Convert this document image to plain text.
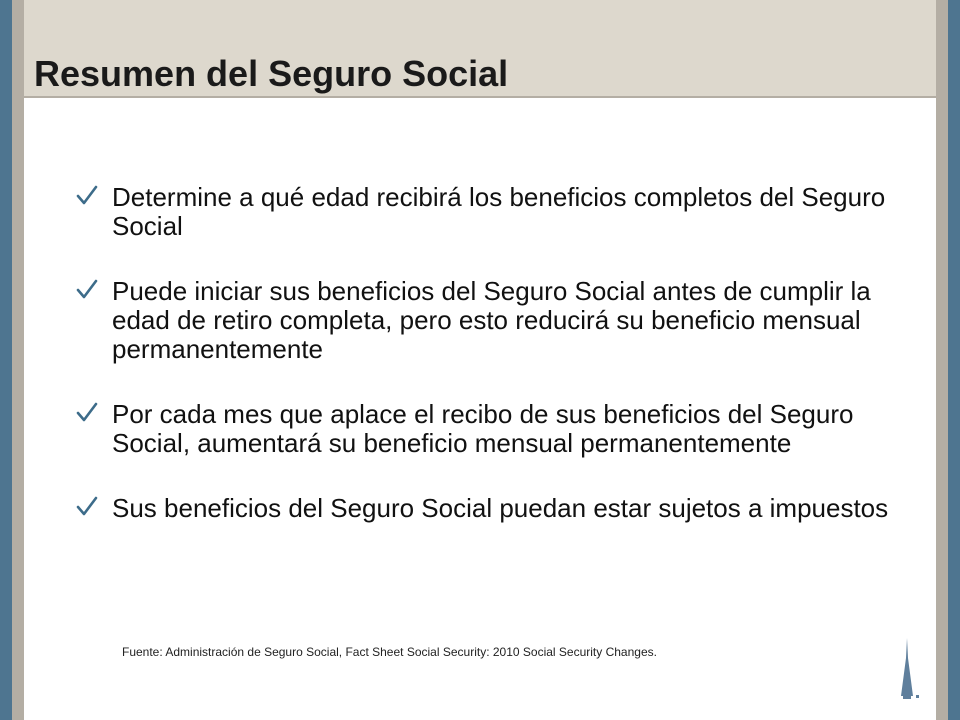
Resumen del Seguro Social
Determine a qué edad recibirá los beneficios completos del Seguro Social
Puede iniciar sus beneficios del Seguro Social antes de cumplir la edad de retiro completa, pero esto reducirá su beneficio mensual permanentemente
Por cada mes que aplace el recibo de sus beneficios del Seguro Social, aumentará su beneficio mensual permanentemente
Sus beneficios del Seguro Social puedan estar sujetos a impuestos

Fuente: Administración de Seguro Social, Fact Sheet Social Security: 2010 Social Security Changes.
